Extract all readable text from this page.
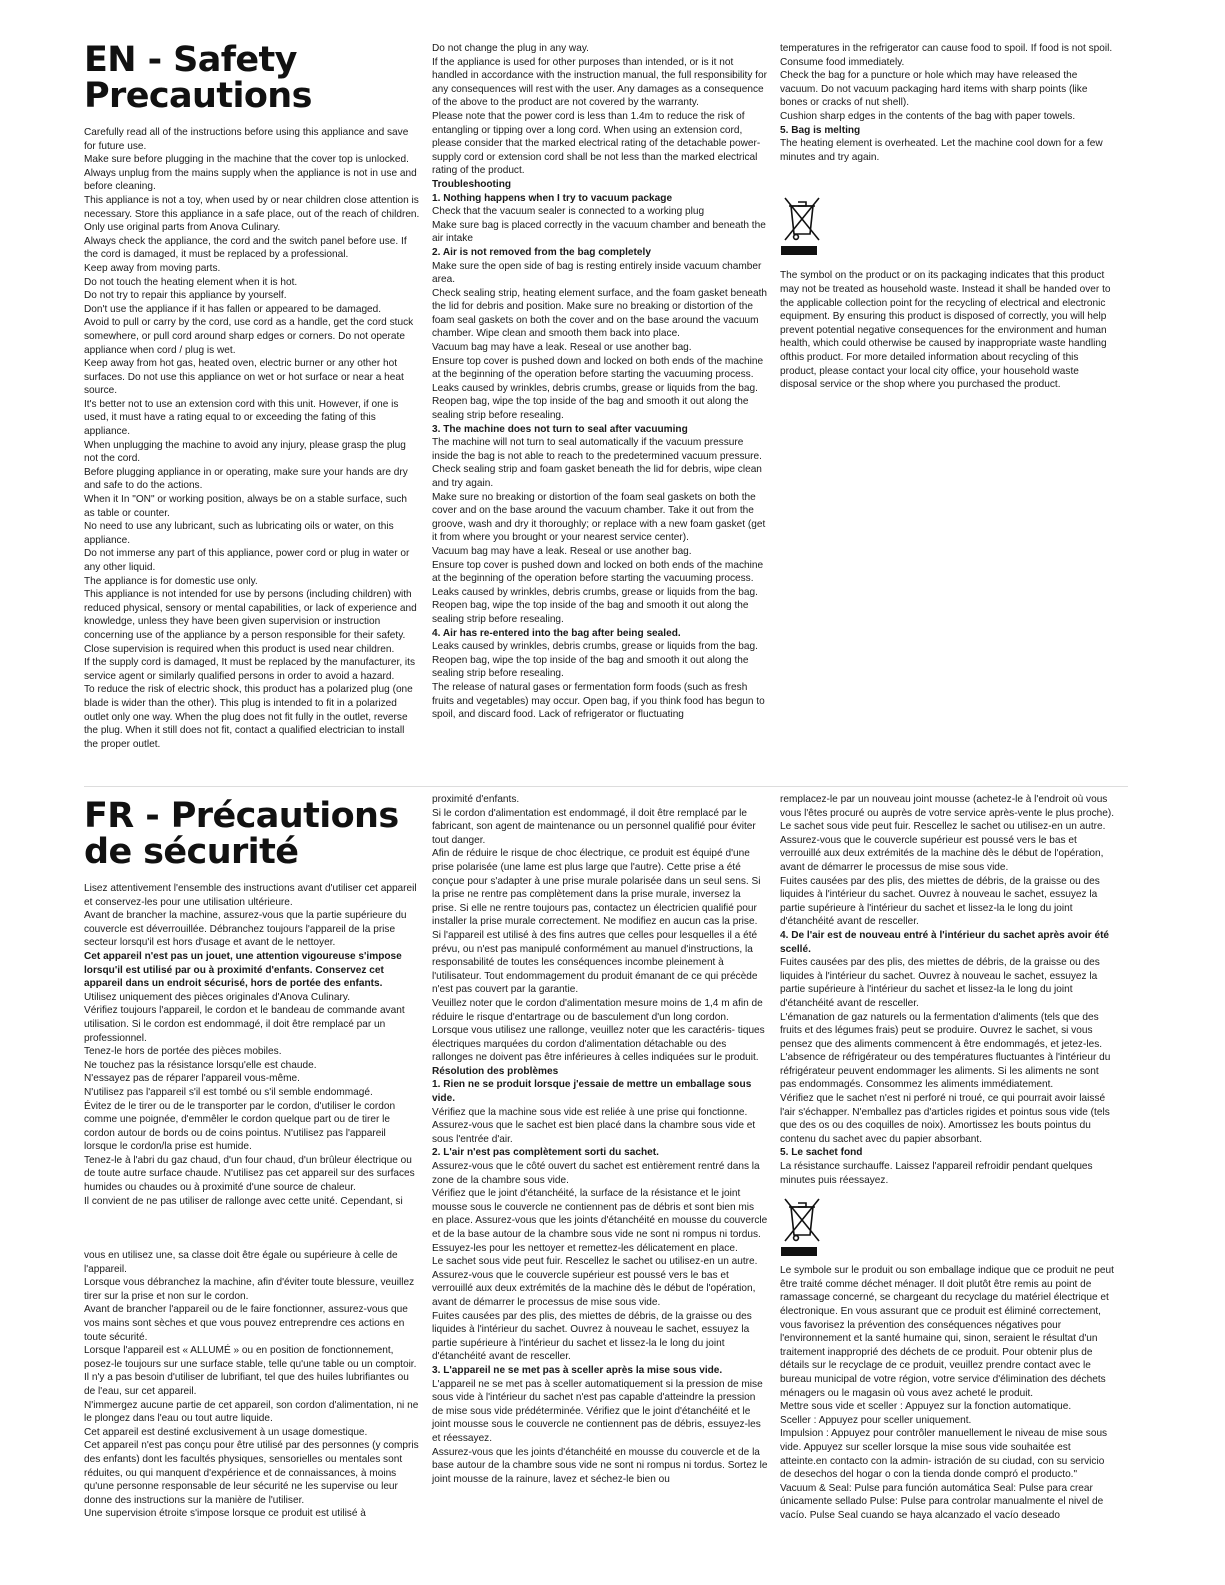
EN - Safety Precautions

Carefully read all of the instructions before using this appliance and save for future use.

Make sure before plugging in the machine that the cover top is unlocked. Always unplug from the mains supply when the appliance is not in use and before cleaning.

This appliance is not a toy, when used by or near children close attention is necessary. Store this appliance in a safe place, out of the reach of children.

Only use original parts from Anova Culinary.

Always check the appliance, the cord and the switch panel before use. If the cord is damaged, it must be replaced by a professional.

Keep away from moving parts.

Do not touch the heating element when it is hot.

Do not try to repair this appliance by yourself.

Don't use the appliance if it has fallen or appeared to be damaged.

Avoid to pull or carry by the cord, use cord as a handle, get the cord stuck somewhere, or pull cord around sharp edges or corners. Do not operate appliance when cord / plug is wet.

Keep away from hot gas, heated oven, electric burner or any other hot surfaces. Do not use this appliance on wet or hot surface or near a heat source.

It's better not to use an extension cord with this unit. However, if one is used, it must have a rating equal to or exceeding the fating of this appliance.

When unplugging the machine to avoid any injury, please grasp the plug not the cord.

Before plugging appliance in or operating, make sure your hands are dry and safe to do the actions.

When it In "ON" or working position, always be on a stable surface, such as table or counter.

No need to use any lubricant, such as lubricating oils or water, on this appliance.

Do not immerse any part of this appliance, power cord or plug in water or any other liquid.

The appliance is for domestic use only.

This appliance is not intended for use by persons (including children) with reduced physical, sensory or mental capabilities, or lack of experience and knowledge, unless they have been given supervision or instruction concerning use of the appliance by a person responsible for their safety.

Close supervision is required when this product is used near children.

If the supply cord is damaged, It must be replaced by the manufacturer, its service agent or similarly qualified persons in order to avoid a hazard.

To reduce the risk of electric shock, this product has a polarized plug (one blade is wider than the other). This plug is intended to fit in a polarized outlet only one way. When the plug does not fit fully in the outlet, reverse the plug. When it still does not fit, contact a qualified electrician to install the proper outlet.

Do not change the plug in any way.

If the appliance is used for other purposes than intended, or is it not handled in accordance with the instruction manual, the full responsibility for any consequences will rest with the user. Any damages as a consequence of the above to the product are not covered by the warranty.

Please note that the power cord is less than 1.4m to reduce the risk of entangling or tipping over a long cord. When using an extension cord, please consider that the marked electrical rating of the detachable power-supply cord or extension cord shall be not less than the marked electrical rating of the product.

Troubleshooting

1. Nothing happens when I try to vacuum package

Check that the vacuum sealer is connected to a working plug

Make sure bag is placed correctly in the vacuum chamber and beneath the air intake

2. Air is not removed from the bag completely

Make sure the open side of bag is resting entirely inside vacuum chamber area.

Check sealing strip, heating element surface, and the foam gasket beneath the lid for debris and position. Make sure no breaking or distortion of the foam seal gaskets on both the cover and on the base around the vacuum chamber. Wipe clean and smooth them back into place.

Vacuum bag may have a leak. Reseal or use another bag.

Ensure top cover is pushed down and locked on both ends of the machine at the beginning of the operation before starting the vacuuming process.

Leaks caused by wrinkles, debris crumbs, grease or liquids from the bag. Reopen bag, wipe the top inside of the bag and smooth it out along the sealing strip before resealing.

3. The machine does not turn to seal after vacuuming

The machine will not turn to seal automatically if the vacuum pressure inside the bag is not able to reach to the predetermined vacuum pressure. Check sealing strip and foam gasket beneath the lid for debris, wipe clean and try again.

Make sure no breaking or distortion of the foam seal gaskets on both the cover and on the base around the vacuum chamber. Take it out from the groove, wash and dry it thoroughly; or replace with a new foam gasket (get it from where you brought or your nearest service center).

Vacuum bag may have a leak. Reseal or use another bag.

Ensure top cover is pushed down and locked on both ends of the machine at the beginning of the operation before starting the vacuuming process.

Leaks caused by wrinkles, debris crumbs, grease or liquids from the bag. Reopen bag, wipe the top inside of the bag and smooth it out along the sealing strip before resealing.

4. Air has re-entered into the bag after being sealed.

Leaks caused by wrinkles, debris crumbs, grease or liquids from the bag. Reopen bag, wipe the top inside of the bag and smooth it out along the sealing strip before resealing.

The release of natural gases or fermentation form foods (such as fresh fruits and vegetables) may occur. Open bag, if you think food has begun to spoil, and discard food. Lack of refrigerator or fluctuating

temperatures in the refrigerator can cause food to spoil. If food is not spoil. Consume food immediately.

Check the bag for a puncture or hole which may have released the vacuum. Do not vacuum packaging hard items with sharp points (like bones or cracks of nut shell).

Cushion sharp edges in the contents of the bag with paper towels.

5. Bag is melting

The heating element is overheated. Let the machine cool down for a few minutes and try again.

The symbol on the product or on its packaging indicates that this product may not be treated as household waste. Instead it shall be handed over to the applicable collection point for the recycling of electrical and electronic equipment. By ensuring this product is disposed of correctly, you will help prevent potential negative consequences for the environment and human health, which could otherwise be caused by inappropriate waste handling ofthis product. For more detailed information about recycling of this product, please contact your local city office, your household waste disposal service or the shop where you purchased the product.

FR - Précautions de sécurité

Lisez attentivement l'ensemble des instructions avant d'utiliser cet appareil et conservez-les pour une utilisation ultérieure.

Avant de brancher la machine, assurez-vous que la partie supérieure du couvercle est déverrouillée. Débranchez toujours l'appareil de la prise secteur lorsqu'il est hors d'usage et avant de le nettoyer.

Cet appareil n'est pas un jouet, une attention vigoureuse s'impose lorsqu'il est utilisé par ou à proximité d'enfants. Conservez cet appareil dans un endroit sécurisé, hors de portée des enfants.

Utilisez uniquement des pièces originales d'Anova Culinary.

Vérifiez toujours l'appareil, le cordon et le bandeau de commande avant utilisation. Si le cordon est endommagé, il doit être remplacé par un professionnel.

Tenez-le hors de portée des pièces mobiles.

Ne touchez pas la résistance lorsqu'elle est chaude.

N'essayez pas de réparer l'appareil vous-même.

N'utilisez pas l'appareil s'il est tombé ou s'il semble endommagé.

Évitez de le tirer ou de le transporter par le cordon, d'utiliser le cordon comme une poignée, d'emmêler le cordon quelque part ou de tirer le cordon autour de bords ou de coins pointus. N'utilisez pas l'appareil lorsque le cordon/la prise est humide.

Tenez-le à l'abri du gaz chaud, d'un four chaud, d'un brûleur électrique ou de toute autre surface chaude. N'utilisez pas cet appareil sur des surfaces humides ou chaudes ou à proximité d'une source de chaleur.

Il convient de ne pas utiliser de rallonge avec cette unité. Cependant, si

vous en utilisez une, sa classe doit être égale ou supérieure à celle de l'appareil.

Lorsque vous débranchez la machine, afin d'éviter toute blessure, veuillez tirer sur la prise et non sur le cordon.

Avant de brancher l'appareil ou de le faire fonctionner, assurez-vous que vos mains sont sèches et que vous pouvez entreprendre ces actions en toute sécurité.

Lorsque l'appareil est « ALLUMÉ » ou en position de fonctionnement, posez-le toujours sur une surface stable, telle qu'une table ou un comptoir.

Il n'y a pas besoin d'utiliser de lubrifiant, tel que des huiles lubrifiantes ou de l'eau, sur cet appareil.

N'immergez aucune partie de cet appareil, son cordon d'alimentation, ni ne le plongez dans l'eau ou tout autre liquide.

Cet appareil est destiné exclusivement à un usage domestique.

Cet appareil n'est pas conçu pour être utilisé par des personnes (y compris des enfants) dont les facultés physiques, sensorielles ou mentales sont réduites, ou qui manquent d'expérience et de connaissances, à moins qu'une personne responsable de leur sécurité ne les supervise ou leur donne des instructions sur la manière de l'utiliser.

Une supervision étroite s'impose lorsque ce produit est utilisé à

proximité d'enfants.

Si le cordon d'alimentation est endommagé, il doit être remplacé par le fabricant, son agent de maintenance ou un personnel qualifié pour éviter tout danger.

Afin de réduire le risque de choc électrique, ce produit est équipé d'une prise polarisée (une lame est plus large que l'autre). Cette prise a été conçue pour s'adapter à une prise murale polarisée dans un seul sens. Si la prise ne rentre pas complètement dans la prise murale, inversez la prise. Si elle ne rentre toujours pas, contactez un électricien qualifié pour installer la prise murale correctement. Ne modifiez en aucun cas la prise.

Si l'appareil est utilisé à des fins autres que celles pour lesquelles il a été prévu, ou n'est pas manipulé conformément au manuel d'instructions, la responsabilité de toutes les conséquences incombe pleinement à l'utilisateur. Tout endommagement du produit émanant de ce qui précède n'est pas couvert par la garantie.

Veuillez noter que le cordon d'alimentation mesure moins de 1,4 m afin de réduire le risque d'entartrage ou de basculement d'un long cordon. Lorsque vous utilisez une rallonge, veuillez noter que les caractéris- tiques électriques marquées du cordon d'alimentation détachable ou des rallonges ne doivent pas être inférieures à celles indiquées sur le produit.

Résolution des problèmes

1. Rien ne se produit lorsque j'essaie de mettre un emballage sous vide.

Vérifiez que la machine sous vide est reliée à une prise qui fonctionne. Assurez-vous que le sachet est bien placé dans la chambre sous vide et sous l'entrée d'air.

2. L'air n'est pas complètement sorti du sachet.

Assurez-vous que le côté ouvert du sachet est entièrement rentré dans la zone de la chambre sous vide.

Vérifiez que le joint d'étanchéité, la surface de la résistance et le joint mousse sous le couvercle ne contiennent pas de débris et sont bien mis en place. Assurez-vous que les joints d'étanchéité en mousse du couvercle et de la base autour de la chambre sous vide ne sont ni rompus ni tordus. Essuyez-les pour les nettoyer et remettez-les délicatement en place.

Le sachet sous vide peut fuir. Rescellez le sachet ou utilisez-en un autre.

Assurez-vous que le couvercle supérieur est poussé vers le bas et verrouillé aux deux extrémités de la machine dès le début de l'opération, avant de démarrer le processus de mise sous vide.

Fuites causées par des plis, des miettes de débris, de la graisse ou des liquides à l'intérieur du sachet. Ouvrez à nouveau le sachet, essuyez la partie supérieure à l'intérieur du sachet et lissez-la le long du joint d'étanchéité avant de resceller.

3. L'appareil ne se met pas à sceller après la mise sous vide.

L'appareil ne se met pas à sceller automatiquement si la pression de mise sous vide à l'intérieur du sachet n'est pas capable d'atteindre la pression de mise sous vide prédéterminée. Vérifiez que le joint d'étanchéité et le joint mousse sous le couvercle ne contiennent pas de débris, essuyez-les et réessayez.

Assurez-vous que les joints d'étanchéité en mousse du couvercle et de la base autour de la chambre sous vide ne sont ni rompus ni tordus. Sortez le joint mousse de la rainure, lavez et séchez-le bien ou

remplacez-le par un nouveau joint mousse (achetez-le à l'endroit où vous vous l'êtes procuré ou auprès de votre service après-vente le plus proche).

Le sachet sous vide peut fuir. Rescellez le sachet ou utilisez-en un autre.

Assurez-vous que le couvercle supérieur est poussé vers le bas et verrouillé aux deux extrémités de la machine dès le début de l'opération, avant de démarrer le processus de mise sous vide.

Fuites causées par des plis, des miettes de débris, de la graisse ou des liquides à l'intérieur du sachet. Ouvrez à nouveau le sachet, essuyez la partie supérieure à l'intérieur du sachet et lissez-la le long du joint d'étanchéité avant de resceller.

4. De l'air est de nouveau entré à l'intérieur du sachet après avoir été scellé.

Fuites causées par des plis, des miettes de débris, de la graisse ou des liquides à l'intérieur du sachet. Ouvrez à nouveau le sachet, essuyez la partie supérieure à l'intérieur du sachet et lissez-la le long du joint d'étanchéité avant de resceller.

L'émanation de gaz naturels ou la fermentation d'aliments (tels que des fruits et des légumes frais) peut se produire. Ouvrez le sachet, si vous pensez que des aliments commencent à être endommagés, et jetez-les. L'absence de réfrigérateur ou des températures fluctuantes à l'intérieur du réfrigérateur peuvent endommager les aliments. Si les aliments ne sont pas endommagés. Consommez les aliments immédiatement.

Vérifiez que le sachet n'est ni perforé ni troué, ce qui pourrait avoir laissé l'air s'échapper. N'emballez pas d'articles rigides et pointus sous vide (tels que des os ou des coquilles de noix). Amortissez les bouts pointus du contenu du sachet avec du papier absorbant.

5. Le sachet fond

La résistance surchauffe. Laissez l'appareil refroidir pendant quelques minutes puis réessayez.

Le symbole sur le produit ou son emballage indique que ce produit ne peut être traité comme déchet ménager. Il doit plutôt être remis au point de ramassage concerné, se chargeant du recyclage du matériel électrique et électronique. En vous assurant que ce produit est éliminé correctement, vous favorisez la prévention des conséquences négatives pour l'environnement et la santé humaine qui, sinon, seraient le résultat d'un traitement inapproprié des déchets de ce produit. Pour obtenir plus de détails sur le recyclage de ce produit, veuillez prendre contact avec le bureau municipal de votre région, votre service d'élimination des déchets ménagers ou le magasin où vous avez acheté le produit.

Mettre sous vide et sceller : Appuyez sur la fonction automatique.

Sceller : Appuyez pour sceller uniquement.

Impulsion : Appuyez pour contrôler manuellement le niveau de mise sous vide. Appuyez sur sceller lorsque la mise sous vide souhaitée est atteinte.en contacto con la admin- istración de su ciudad, con su servicio de desechos del hogar o con la tienda donde compró el producto." Vacuum & Seal: Pulse para función automática Seal: Pulse para crear únicamente sellado Pulse: Pulse para controlar manualmente el nivel de vacío. Pulse Seal cuando se haya alcanzado el vacío deseado
